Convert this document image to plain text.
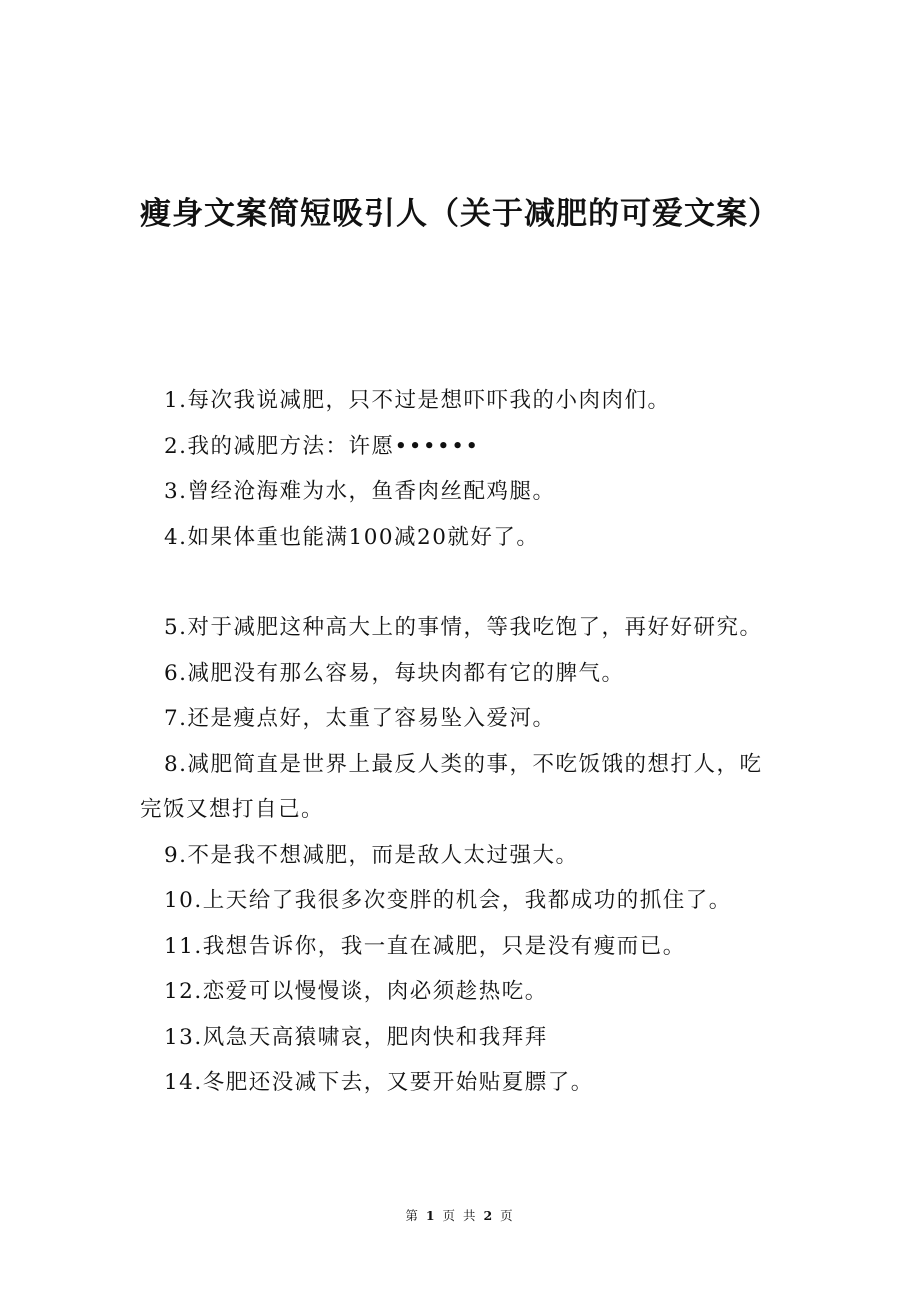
瘦身文案简短吸引人（关于减肥的可爱文案）

1.每次我说减肥，只不过是想吓吓我的小肉肉们。

2.我的减肥方法：许愿••••••

3.曾经沧海难为水，鱼香肉丝配鸡腿。

4.如果体重也能满100减20就好了。

5.对于减肥这种高大上的事情，等我吃饱了，再好好研究。

6.减肥没有那么容易，每块肉都有它的脾气。

7.还是瘦点好，太重了容易坠入爱河。

8.减肥简直是世界上最反人类的事，不吃饭饿的想打人，吃完饭又想打自己。

9.不是我不想减肥，而是敌人太过强大。

10.上天给了我很多次变胖的机会，我都成功的抓住了。

11.我想告诉你，我一直在减肥，只是没有瘦而已。

12.恋爱可以慢慢谈，肉必须趁热吃。

13.风急天高猿啸哀，肥肉快和我拜拜

14.冬肥还没减下去，又要开始贴夏膘了。

第 1 页 共 2 页
